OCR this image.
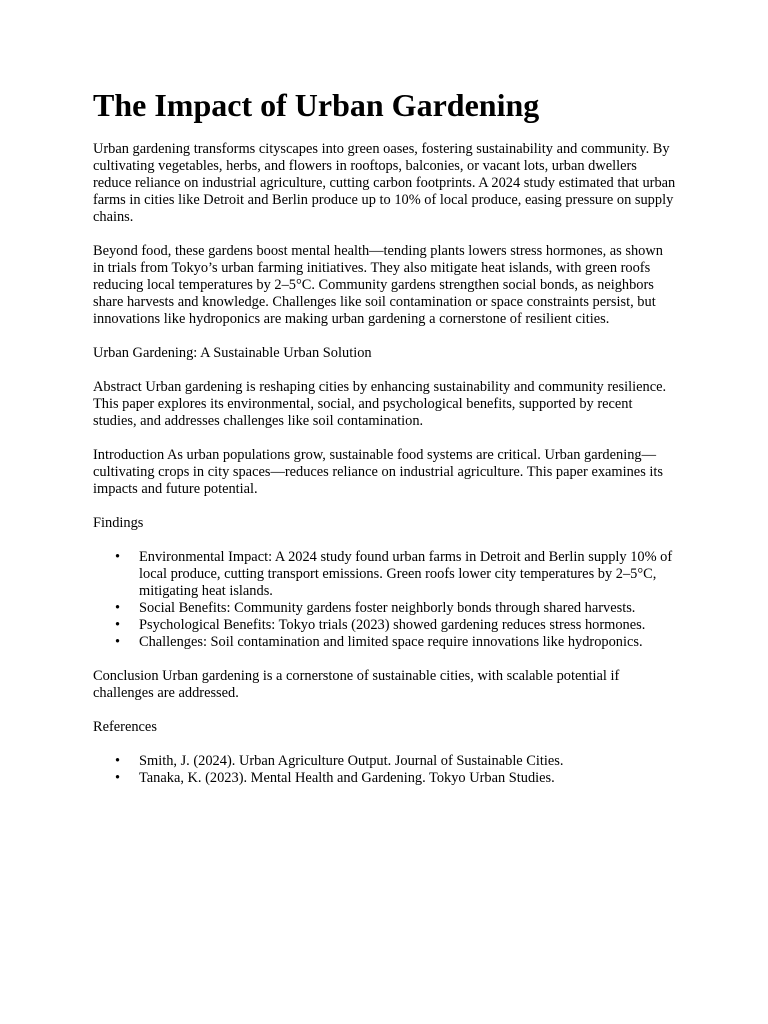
The Impact of Urban Gardening

Urban gardening transforms cityscapes into green oases, fostering sustainability and community. By cultivating vegetables, herbs, and flowers in rooftops, balconies, or vacant lots, urban dwellers reduce reliance on industrial agriculture, cutting carbon footprints. A 2024 study estimated that urban farms in cities like Detroit and Berlin produce up to 10% of local produce, easing pressure on supply chains.

Beyond food, these gardens boost mental health—tending plants lowers stress hormones, as shown in trials from Tokyo’s urban farming initiatives. They also mitigate heat islands, with green roofs reducing local temperatures by 2–5°C. Community gardens strengthen social bonds, as neighbors share harvests and knowledge. Challenges like soil contamination or space constraints persist, but innovations like hydroponics are making urban gardening a cornerstone of resilient cities.

Urban Gardening: A Sustainable Urban Solution

Abstract Urban gardening is reshaping cities by enhancing sustainability and community resilience. This paper explores its environmental, social, and psychological benefits, supported by recent studies, and addresses challenges like soil contamination.

Introduction As urban populations grow, sustainable food systems are critical. Urban gardening—cultivating crops in city spaces—reduces reliance on industrial agriculture. This paper examines its impacts and future potential.

Findings

• Environmental Impact: A 2024 study found urban farms in Detroit and Berlin supply 10% of local produce, cutting transport emissions. Green roofs lower city temperatures by 2–5°C, mitigating heat islands.
• Social Benefits: Community gardens foster neighborly bonds through shared harvests.
• Psychological Benefits: Tokyo trials (2023) showed gardening reduces stress hormones.
• Challenges: Soil contamination and limited space require innovations like hydroponics.

Conclusion Urban gardening is a cornerstone of sustainable cities, with scalable potential if challenges are addressed.

References

• Smith, J. (2024). Urban Agriculture Output. Journal of Sustainable Cities.
• Tanaka, K. (2023). Mental Health and Gardening. Tokyo Urban Studies.
